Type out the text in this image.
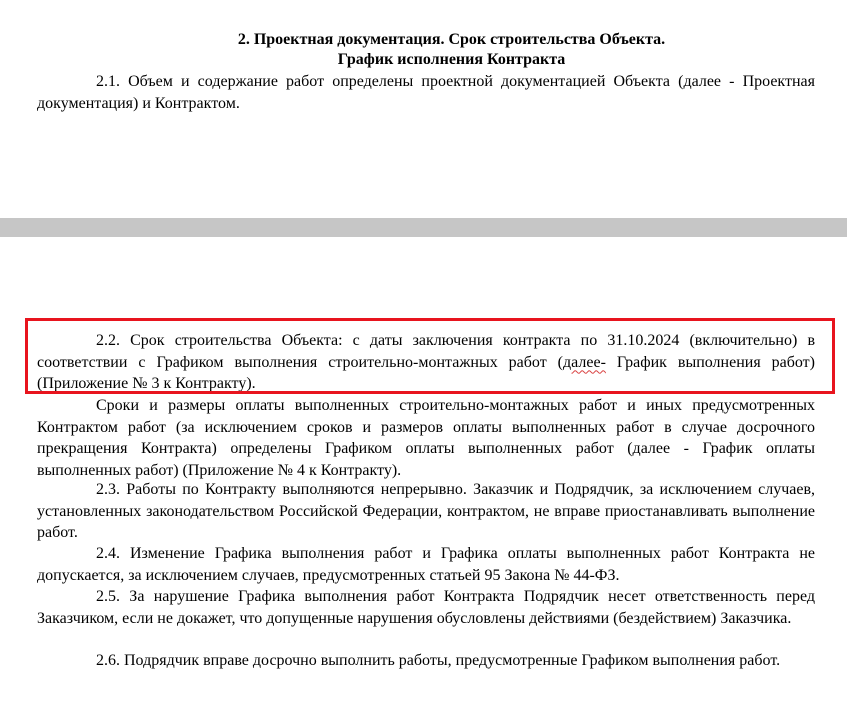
2. Проектная документация. Срок строительства Объекта.
График исполнения Контракта

2.1. Объем и содержание работ определены проектной документацией Объекта (далее - Проектная документация) и Контрактом.

2.2. Срок строительства Объекта: с даты заключения контракта по 31.10.2024 (включительно) в соответствии с Графиком выполнения строительно-монтажных работ (далее- График выполнения работ) (Приложение № 3 к Контракту).

Сроки и размеры оплаты выполненных строительно-монтажных работ и иных предусмотренных Контрактом работ (за исключением сроков и размеров оплаты выполненных работ в случае досрочного прекращения Контракта) определены Графиком оплаты выполненных работ (далее - График оплаты выполненных работ) (Приложение № 4 к Контракту).

2.3. Работы по Контракту выполняются непрерывно. Заказчик и Подрядчик, за исключением случаев, установленных законодательством Российской Федерации, контрактом, не вправе приостанавливать выполнение работ.

2.4. Изменение Графика выполнения работ и Графика оплаты выполненных работ Контракта не допускается, за исключением случаев, предусмотренных статьей 95 Закона № 44-ФЗ.

2.5. За нарушение Графика выполнения работ Контракта Подрядчик несет ответственность перед Заказчиком, если не докажет, что допущенные нарушения обусловлены действиями (бездействием) Заказчика.

2.6. Подрядчик вправе досрочно выполнить работы, предусмотренные Графиком выполнения работ.
